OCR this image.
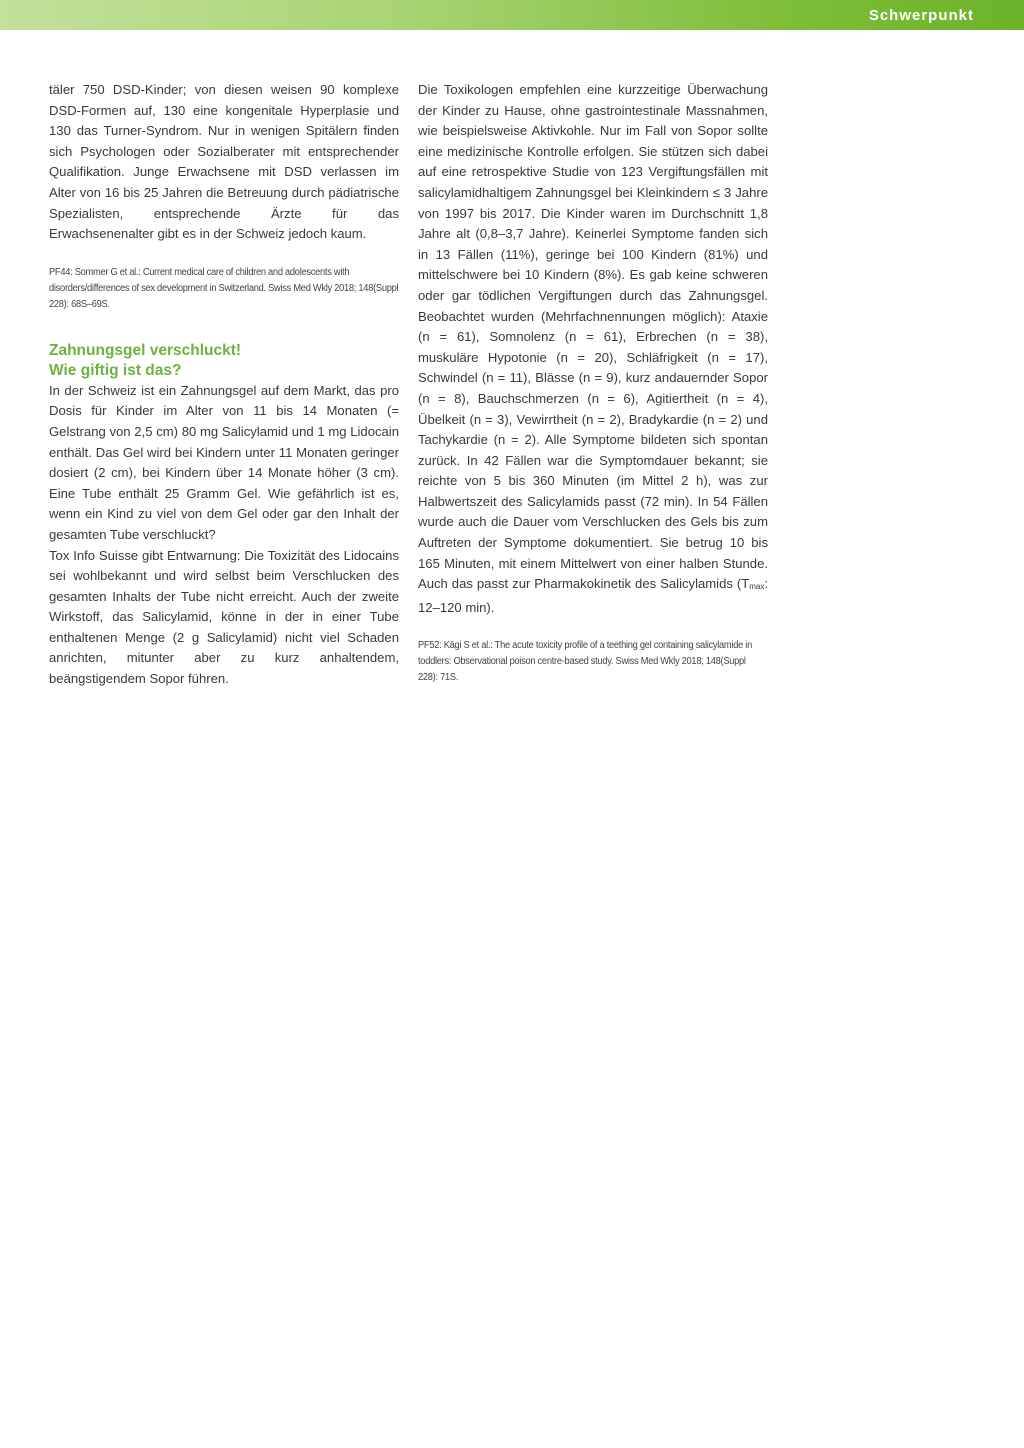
Schwerpunkt

täler 750 DSD-Kinder; von diesen weisen 90 komplexe DSD-Formen auf, 130 eine kongenitale Hyperplasie und 130 das Turner-Syndrom. Nur in wenigen Spitälern finden sich Psychologen oder Sozialberater mit entsprechender Qualifikation. Junge Erwachsene mit DSD verlassen im Alter von 16 bis 25 Jahren die Betreuung durch pädiatrische Spezialisten, entsprechende Ärzte für das Erwachsenenalter gibt es in der Schweiz jedoch kaum.

PF44: Sommer G et al.: Current medical care of children and adolescents with disorders/differences of sex development in Switzerland. Swiss Med Wkly 2018; 148(Suppl 228): 68S–69S.

Zahnungsgel verschluckt!
Wie giftig ist das?

In der Schweiz ist ein Zahnungsgel auf dem Markt, das pro Dosis für Kinder im Alter von 11 bis 14 Monaten (= Gelstrang von 2,5 cm) 80 mg Salicylamid und 1 mg Lidocain enthält. Das Gel wird bei Kindern unter 11 Monaten geringer dosiert (2 cm), bei Kindern über 14 Monate höher (3 cm). Eine Tube enthält 25 Gramm Gel. Wie gefährlich ist es, wenn ein Kind zu viel von dem Gel oder gar den Inhalt der gesamten Tube verschluckt?

Tox Info Suisse gibt Entwarnung: Die Toxizität des Lidocains sei wohlbekannt und wird selbst beim Verschlucken des gesamten Inhalts der Tube nicht erreicht. Auch der zweite Wirkstoff, das Salicylamid, könne in der in einer Tube enthaltenen Menge (2 g Salicylamid) nicht viel Schaden anrichten, mitunter aber zu kurz anhaltendem, beängstigendem Sopor führen.

Die Toxikologen empfehlen eine kurzzeitige Überwachung der Kinder zu Hause, ohne gastrointestinale Massnahmen, wie beispielsweise Aktivkohle. Nur im Fall von Sopor sollte eine medizinische Kontrolle erfolgen. Sie stützen sich dabei auf eine retrospektive Studie von 123 Vergiftungsfällen mit salicylamidhaltigem Zahnungsgel bei Kleinkindern ≤ 3 Jahre von 1997 bis 2017. Die Kinder waren im Durchschnitt 1,8 Jahre alt (0,8–3,7 Jahre). Keinerlei Symptome fanden sich in 13 Fällen (11%), geringe bei 100 Kindern (81%) und mittelschwere bei 10 Kindern (8%). Es gab keine schweren oder gar tödlichen Vergiftungen durch das Zahnungsgel. Beobachtet wurden (Mehrfachnennungen möglich): Ataxie (n = 61), Somnolenz (n = 61), Erbrechen (n = 38), muskuläre Hypotonie (n = 20), Schläfrigkeit (n = 17), Schwindel (n = 11), Blässe (n = 9), kurz andauernder Sopor (n = 8), Bauchschmerzen (n = 6), Agitiertheit (n = 4), Übelkeit (n = 3), Vewirrtheit (n = 2), Bradykardie (n = 2) und Tachykardie (n = 2). Alle Symptome bildeten sich spontan zurück. In 42 Fällen war die Symptomdauer bekannt; sie reichte von 5 bis 360 Minuten (im Mittel 2 h), was zur Halbwertszeit des Salicylamids passt (72 min). In 54 Fällen wurde auch die Dauer vom Verschlucken des Gels bis zum Auftreten der Symptome dokumentiert. Sie betrug 10 bis 165 Minuten, mit einem Mittelwert von einer halben Stunde. Auch das passt zur Pharmakokinetik des Salicylamids (Tmax: 12–120 min).

PF52: Kägi S et al.: The acute toxicity profile of a teething gel containing salicylamide in toddlers: Observational poison centre-based study. Swiss Med Wkly 2018; 148(Suppl 228): 71S.
